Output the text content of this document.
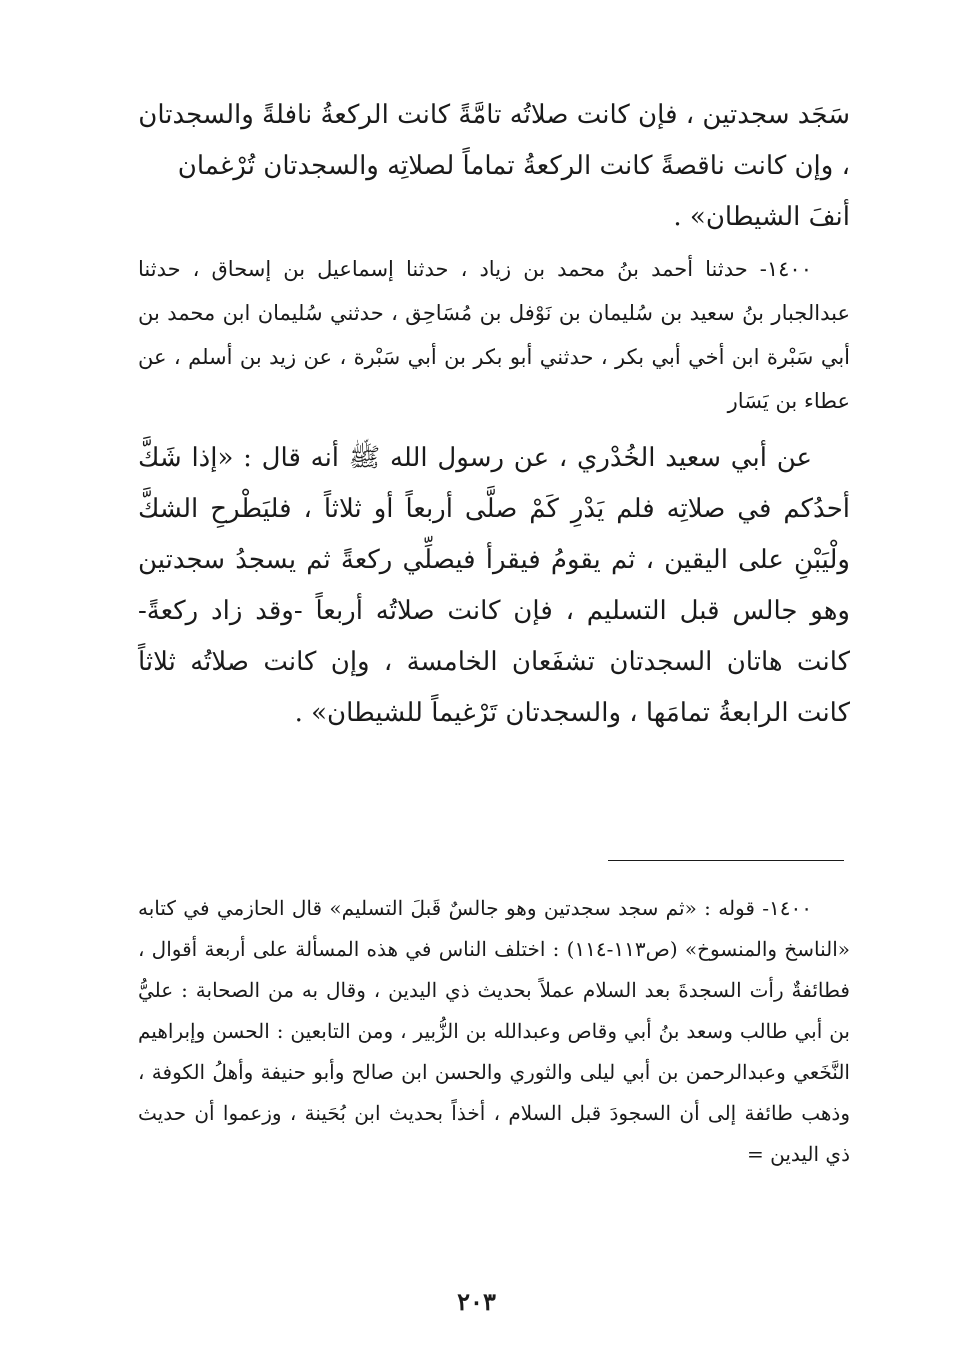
سَجَد سجدتين ، فإن كانت صلاتُه تامَّةً كانت الركعةُ نافلةً والسجدتان ، وإن كانت ناقصةً كانت الركعةُ تماماً لصلاتِه والسجدتان تُرْغمان أنفَ الشيطان» .

١٤٠٠- حدثنا أحمد بنُ محمد بن زياد ، حدثنا إسماعيل بن إسحاق ، حدثنا عبدالجبار بنُ سعيد بن سُليمان بن نَوْفل بن مُسَاحِق ، حدثني سُليمان ابن محمد بن أبي سَبْرة ابن أخي أبي بكر ، حدثني أبو بكر بن أبي سَبْرة ، عن زيد بن أسلم ، عن عطاء بن يَسَار

عن أبي سعيد الخُدْري ، عن رسول الله ﷺ أنه قال : «إذا شَكَّ أحدُكم في صلاتِه فلم يَدْرِ كَمْ صلَّى أربعاً أو ثلاثاً ، فليَطْرحِ الشكَّ ولْيَبْنِ على اليقين ، ثم يقومُ فيقرأ فيصلِّي ركعةً ثم يسجدُ سجدتين وهو جالس قبل التسليم ، فإن كانت صلاتُه أربعاً -وقد زاد ركعةً- كانت هاتان السجدتان تشفَعان الخامسة ، وإن كانت صلاتُه ثلاثاً كانت الرابعةُ تمامَها ، والسجدتان تَرْغيماً للشيطان» .

١٤٠٠- قوله : «ثم سجد سجدتين وهو جالسٌ قَبلَ التسليم» قال الحازمي في كتابه «الناسخ والمنسوخ» (ص١١٣-١١٤) : اختلف الناس في هذه المسألة على أربعة أقوال ، فطائفةٌ رأت السجدةَ بعد السلام عملاً بحديث ذي اليدين ، وقال به من الصحابة : عليُّ بن أبي طالب وسعد بنُ أبي وقاص وعبدالله بن الزُّبير ، ومن التابعين : الحسن وإبراهيم النَّخَعي وعبدالرحمن بن أبي ليلى والثوري والحسن ابن صالح وأبو حنيفة وأهلُ الكوفة ، وذهب طائفة إلى أن السجودَ قبل السلام ، أخذاً بحديث ابن بُحَينة ، وزعموا أن حديث ذي اليدين =

٢٠٣
